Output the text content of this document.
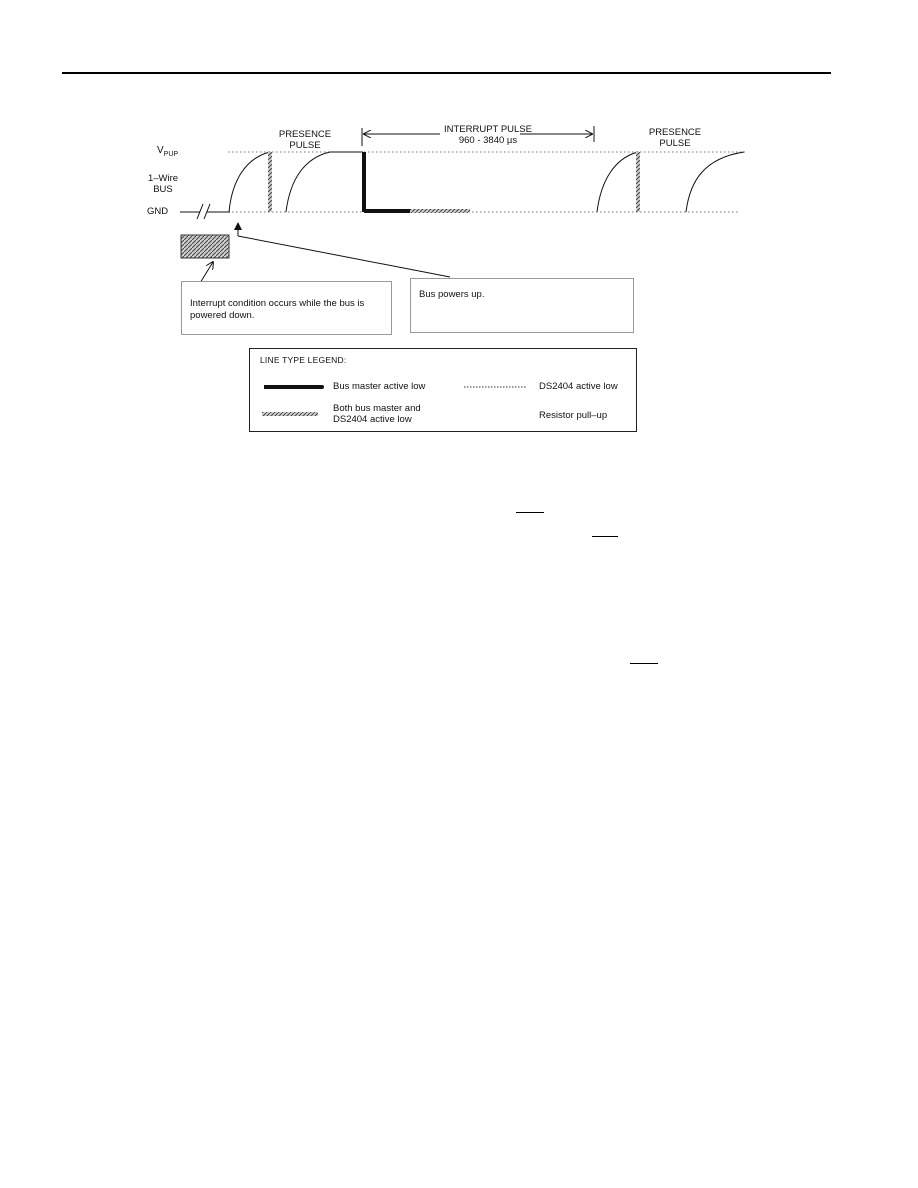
$V_{PUP}$
1–Wire
BUS
GND
PRESENCE
PULSE
INTERRUPT PULSE
960 - 3840 µs
PRESENCE
PULSE
Interrupt condition occurs while the bus is powered down.
Bus powers up.
LINE TYPE LEGEND:
Bus master active low	DS2404 active low
Both bus master and
DS2404 active low	Resistor pull–up
